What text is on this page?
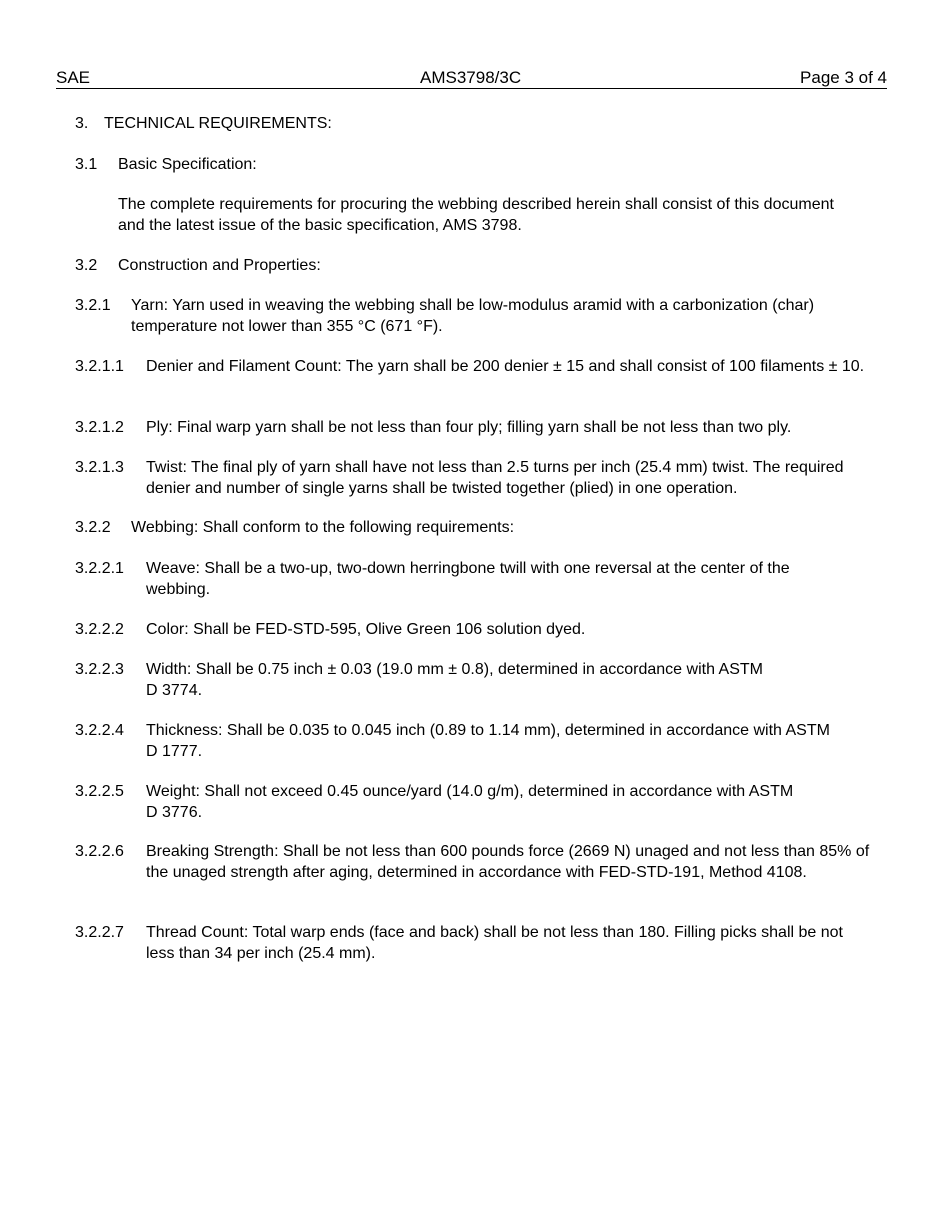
SAE	AMS3798/3C	Page 3 of 4
3. TECHNICAL REQUIREMENTS:
3.1 Basic Specification:
The complete requirements for procuring the webbing described herein shall consist of this document and the latest issue of the basic specification, AMS 3798.
3.2 Construction and Properties:
3.2.1 Yarn: Yarn used in weaving the webbing shall be low-modulus aramid with a carbonization (char) temperature not lower than 355 °C (671 °F).
3.2.1.1 Denier and Filament Count: The yarn shall be 200 denier ± 15 and shall consist of 100 filaments ± 10.
3.2.1.2 Ply: Final warp yarn shall be not less than four ply; filling yarn shall be not less than two ply.
3.2.1.3 Twist: The final ply of yarn shall have not less than 2.5 turns per inch (25.4 mm) twist. The required denier and number of single yarns shall be twisted together (plied) in one operation.
3.2.2 Webbing: Shall conform to the following requirements:
3.2.2.1 Weave: Shall be a two-up, two-down herringbone twill with one reversal at the center of the webbing.
3.2.2.2 Color: Shall be FED-STD-595, Olive Green 106 solution dyed.
3.2.2.3 Width: Shall be 0.75 inch ± 0.03 (19.0 mm ± 0.8), determined in accordance with ASTM D 3774.
3.2.2.4 Thickness: Shall be 0.035 to 0.045 inch (0.89 to 1.14 mm), determined in accordance with ASTM D 1777.
3.2.2.5 Weight: Shall not exceed 0.45 ounce/yard (14.0 g/m), determined in accordance with ASTM D 3776.
3.2.2.6 Breaking Strength: Shall be not less than 600 pounds force (2669 N) unaged and not less than 85% of the unaged strength after aging, determined in accordance with FED-STD-191, Method 4108.
3.2.2.7 Thread Count: Total warp ends (face and back) shall be not less than 180. Filling picks shall be not less than 34 per inch (25.4 mm).
